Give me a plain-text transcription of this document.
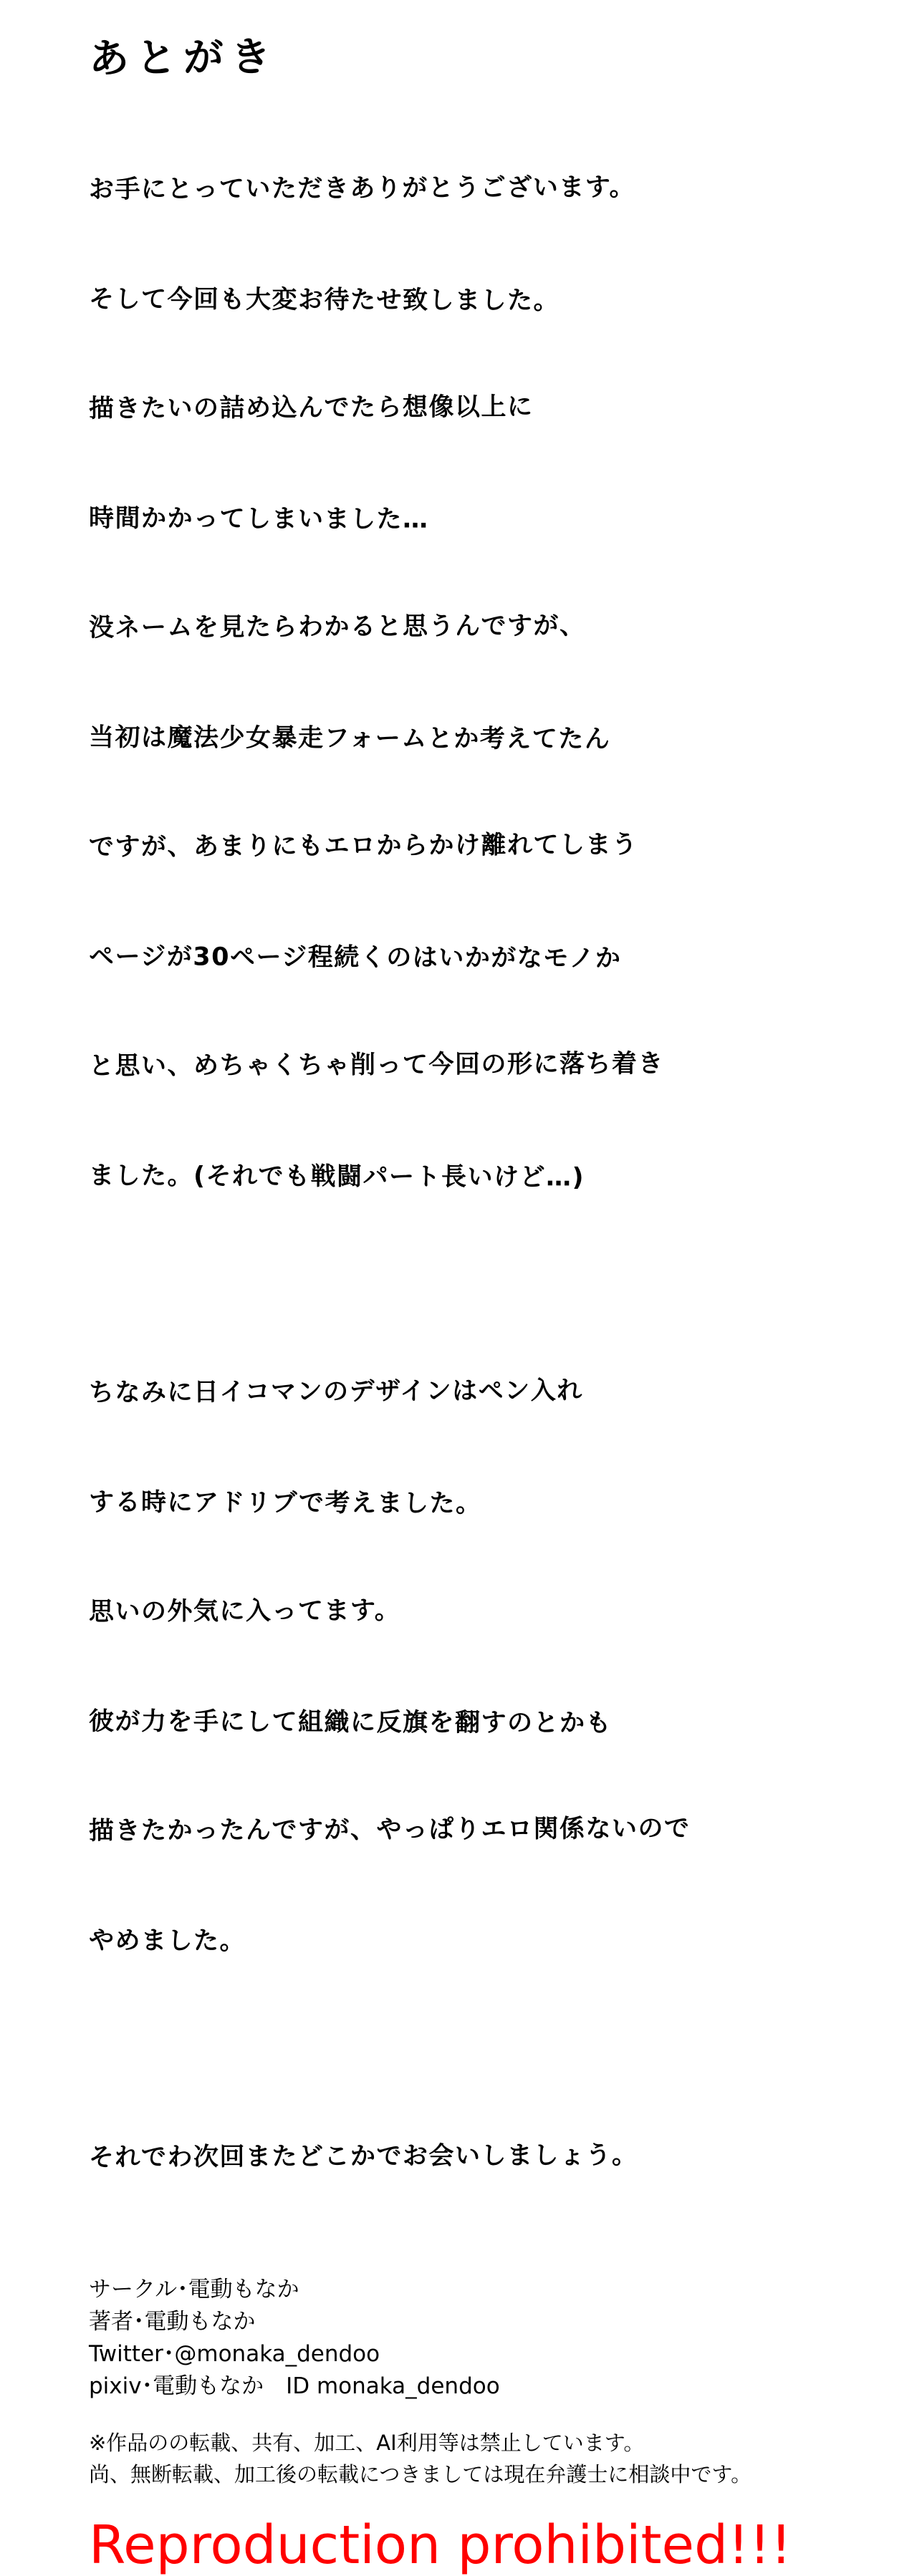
あとがき

お手にとっていただきありがとうございます。

そして今回も大変お待たせ致しました。

描きたいの詰め込んでたら想像以上に

時間かかってしまいました…

没ネームを見たらわかると思うんですが、

当初は魔法少女暴走フォームとか考えてたん

ですが、あまりにもエロからかけ離れてしまう

ページが30ページ程続くのはいかがなモノか

と思い、めちゃくちゃ削って今回の形に落ち着き

ました。(それでも戦闘パート長いけど…)

ちなみに日イコマンのデザインはペン入れ

する時にアドリブで考えました。

思いの外気に入ってます。

彼が力を手にして組織に反旗を翻すのとかも

描きたかったんですが、やっぱりエロ関係ないので

やめました。

それでわ次回またどこかでお会いしましょう。

サークル･電動もなか
著者･電動もなか
Twitter･@monaka_dendoo
pixiv･電動もなか　ID monaka_dendoo
※作品のの転載、共有、加工、AI利用等は禁止しています。
尚、無断転載、加工後の転載につきましては現在弁護士に相談中です。
Reproduction prohibited!!!
